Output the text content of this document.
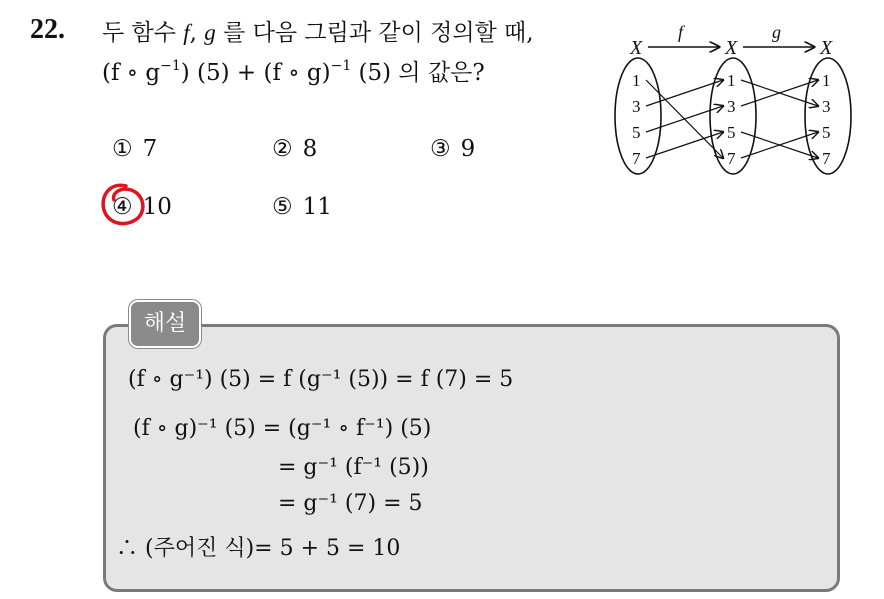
22. 두 함수 f, g 를 다음 그림과 같이 정의할 때,
(f ∘ $g^{-1}$) (5) + (f ∘ g)$^{-1}$ (5) 의 값은?
X	X	X
f	g
1
3
5
7
1
3
5
7
1
3
5
7
① 7	② 8	③ 9
④ 10	⑤ 11
해설
(f ∘ g⁻¹) (5) = f (g⁻¹ (5)) = f (7) = 5
(f ∘ g)⁻¹ (5) = (g⁻¹ ∘ f⁻¹) (5)
= g⁻¹ (f⁻¹ (5))
= g⁻¹ (7) = 5
∴ (주어진 식)= 5 + 5 = 10
